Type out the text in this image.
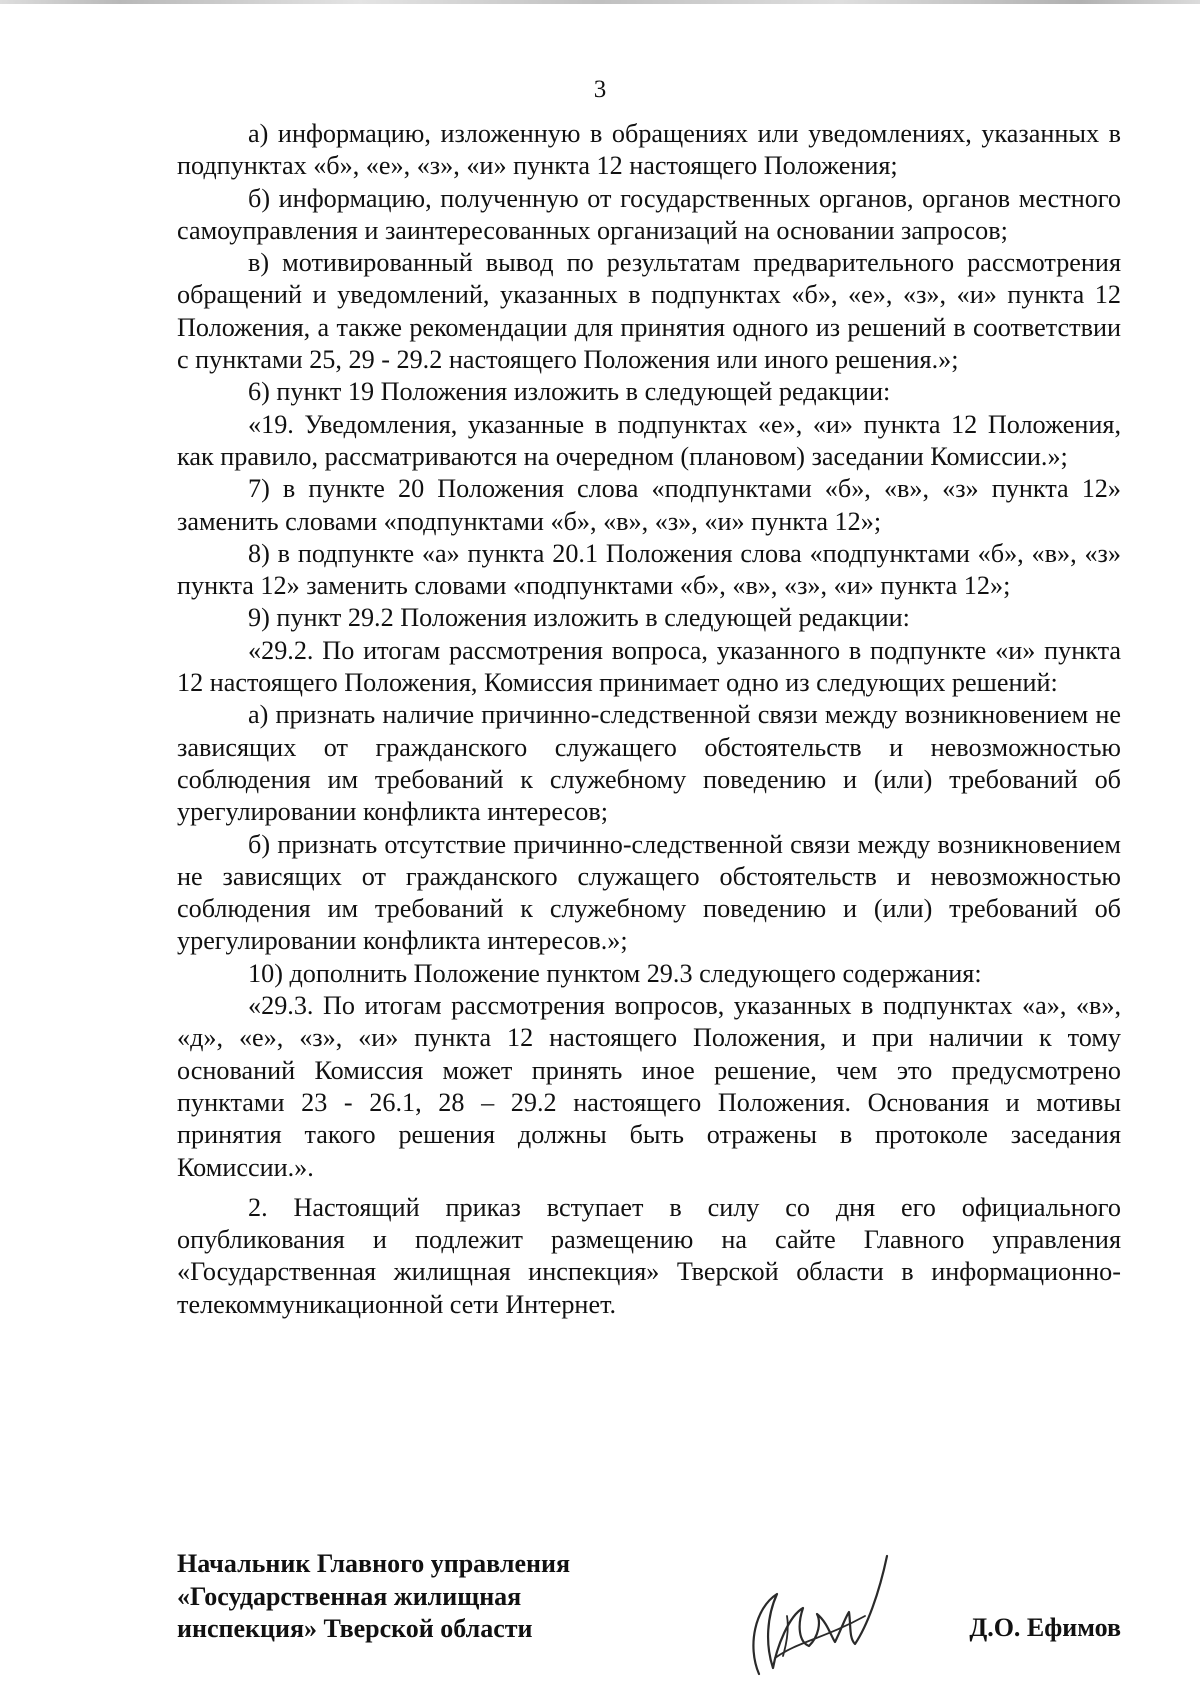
3

а) информацию, изложенную в обращениях или уведомлениях, указанных в подпунктах «б», «е», «з», «и» пункта 12 настоящего Положения;

б) информацию, полученную от государственных органов, органов местного самоуправления и заинтересованных организаций на основании запросов;

в) мотивированный вывод по результатам предварительного рассмотрения обращений и уведомлений, указанных в подпунктах «б», «е», «з», «и» пункта 12 Положения, а также рекомендации для принятия одного из решений в соответствии с пунктами 25, 29 - 29.2 настоящего Положения или иного решения.»;

6) пункт 19 Положения изложить в следующей редакции:

«19. Уведомления, указанные в подпунктах «е», «и» пункта 12 Положения, как правило, рассматриваются на очередном (плановом) заседании Комиссии.»;

7) в пункте 20 Положения слова «подпунктами «б», «в», «з» пункта 12» заменить словами «подпунктами «б», «в», «з», «и» пункта 12»;

8) в подпункте «а» пункта 20.1 Положения слова «подпунктами «б», «в», «з» пункта 12» заменить словами «подпунктами «б», «в», «з», «и» пункта 12»;

9) пункт 29.2 Положения изложить в следующей редакции:

«29.2. По итогам рассмотрения вопроса, указанного в подпункте «и» пункта 12 настоящего Положения, Комиссия принимает одно из следующих решений:

а) признать наличие причинно-следственной связи между возникновением не зависящих от гражданского служащего обстоятельств и невозможностью соблюдения им требований к служебному поведению и (или) требований об урегулировании конфликта интересов;

б) признать отсутствие причинно-следственной связи между возникновением не зависящих от гражданского служащего обстоятельств и невозможностью соблюдения им требований к служебному поведению и (или) требований об урегулировании конфликта интересов.»;

10) дополнить Положение пунктом 29.3 следующего содержания:

«29.3. По итогам рассмотрения вопросов, указанных в подпунктах «а», «в», «д», «е», «з», «и» пункта 12 настоящего Положения, и при наличии к тому оснований Комиссия может принять иное решение, чем это предусмотрено пунктами 23 - 26.1, 28 – 29.2 настоящего Положения. Основания и мотивы принятия такого решения должны быть отражены в протоколе заседания Комиссии.».

2. Настоящий приказ вступает в силу со дня его официального опубликования и подлежит размещению на сайте Главного управления «Государственная жилищная инспекция» Тверской области в информационно-телекоммуникационной сети Интернет.

Начальник Главного управления
«Государственная жилищная
инспекция» Тверской области	Д.О. Ефимов
